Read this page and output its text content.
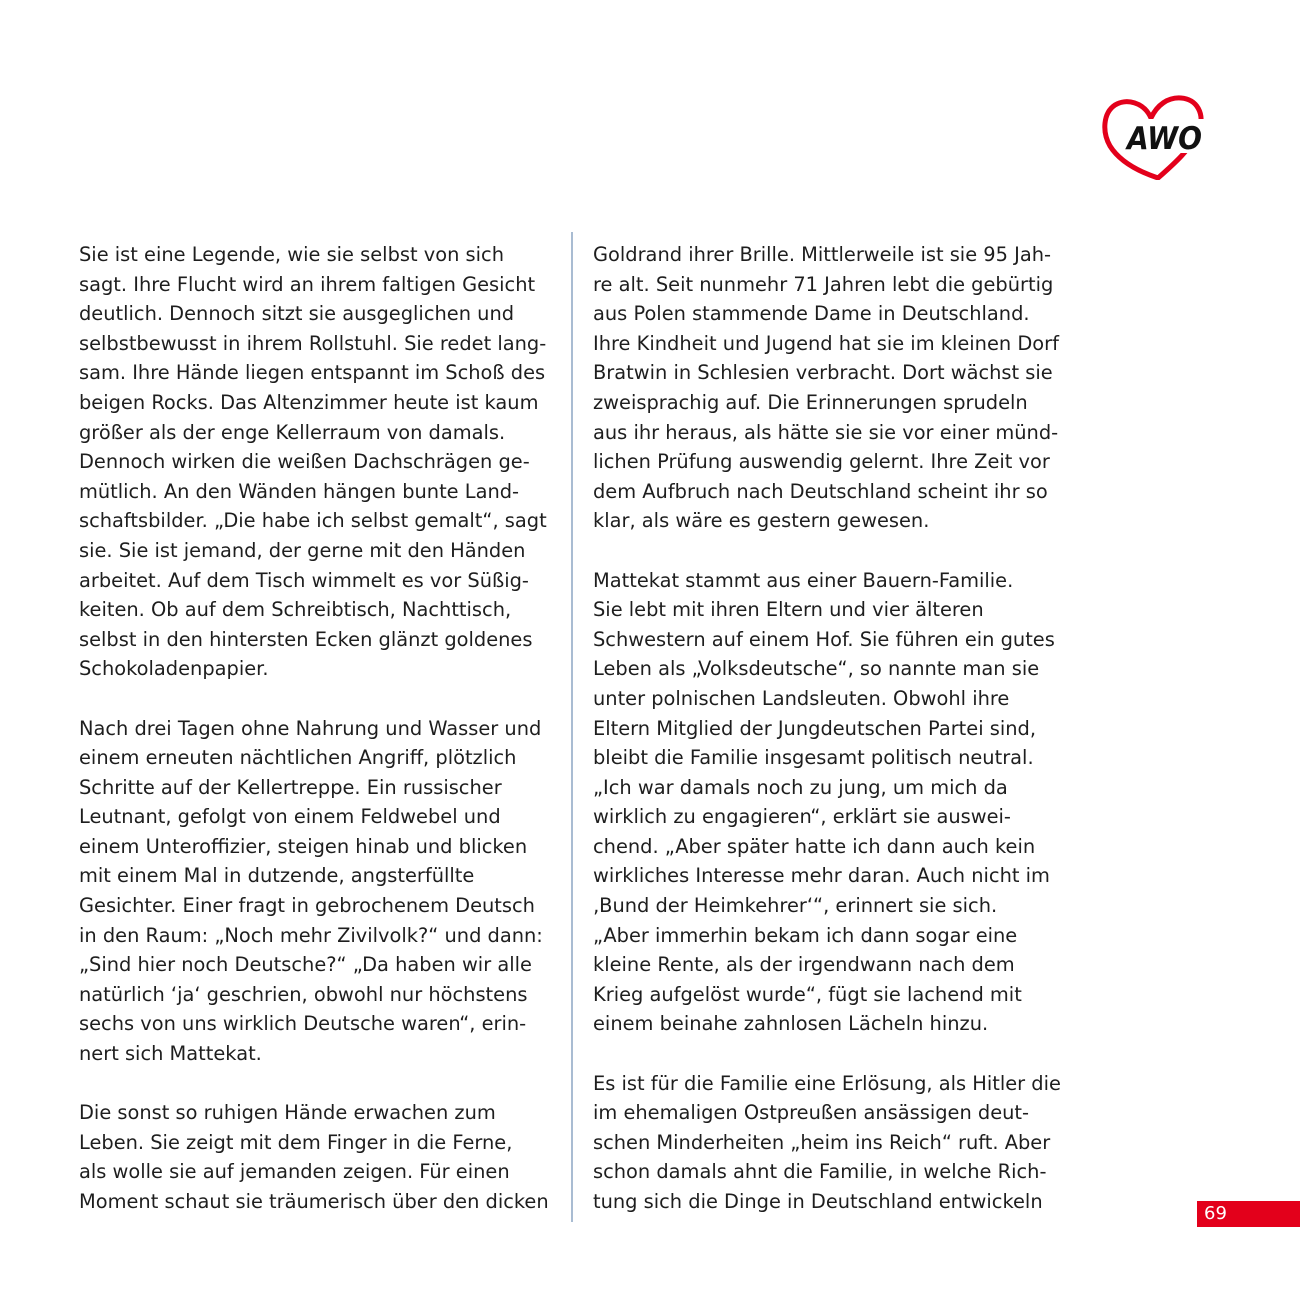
AWO
Sie ist eine Legende, wie sie selbst von sich
sagt. Ihre Flucht wird an ihrem faltigen Gesicht
deutlich. Dennoch sitzt sie ausgeglichen und
selbstbewusst in ihrem Rollstuhl. Sie redet lang-
sam. Ihre Hände liegen entspannt im Schoß des
beigen Rocks. Das Altenzimmer heute ist kaum
größer als der enge Kellerraum von damals.
Dennoch wirken die weißen Dachschrägen ge-
mütlich. An den Wänden hängen bunte Land-
schaftsbilder. „Die habe ich selbst gemalt“, sagt
sie. Sie ist jemand, der gerne mit den Händen
arbeitet. Auf dem Tisch wimmelt es vor Süßig-
keiten. Ob auf dem Schreibtisch, Nachttisch,
selbst in den hintersten Ecken glänzt goldenes
Schokoladenpapier.
Nach drei Tagen ohne Nahrung und Wasser und
einem erneuten nächtlichen Angriff, plötzlich
Schritte auf der Kellertreppe. Ein russischer
Leutnant, gefolgt von einem Feldwebel und
einem Unteroffizier, steigen hinab und blicken
mit einem Mal in dutzende, angsterfüllte
Gesichter. Einer fragt in gebrochenem Deutsch
in den Raum: „Noch mehr Zivilvolk?“ und dann:
„Sind hier noch Deutsche?“ „Da haben wir alle
natürlich ‘ja‘ geschrien, obwohl nur höchstens
sechs von uns wirklich Deutsche waren“, erin-
nert sich Mattekat.
Die sonst so ruhigen Hände erwachen zum
Leben. Sie zeigt mit dem Finger in die Ferne,
als wolle sie auf jemanden zeigen. Für einen
Moment schaut sie träumerisch über den dicken
Goldrand ihrer Brille. Mittlerweile ist sie 95 Jah-
re alt. Seit nunmehr 71 Jahren lebt die gebürtig
aus Polen stammende Dame in Deutschland.
Ihre Kindheit und Jugend hat sie im kleinen Dorf
Bratwin in Schlesien verbracht. Dort wächst sie
zweisprachig auf. Die Erinnerungen sprudeln
aus ihr heraus, als hätte sie sie vor einer münd-
lichen Prüfung auswendig gelernt. Ihre Zeit vor
dem Aufbruch nach Deutschland scheint ihr so
klar, als wäre es gestern gewesen.
Mattekat stammt aus einer Bauern-Familie.
Sie lebt mit ihren Eltern und vier älteren
Schwestern auf einem Hof. Sie führen ein gutes
Leben als „Volksdeutsche“, so nannte man sie
unter polnischen Landsleuten. Obwohl ihre
Eltern Mitglied der Jungdeutschen Partei sind,
bleibt die Familie insgesamt politisch neutral.
„Ich war damals noch zu jung, um mich da
wirklich zu engagieren“, erklärt sie auswei-
chend. „Aber später hatte ich dann auch kein
wirkliches Interesse mehr daran. Auch nicht im
‚Bund der Heimkehrer‘“, erinnert sie sich.
„Aber immerhin bekam ich dann sogar eine
kleine Rente, als der irgendwann nach dem
Krieg aufgelöst wurde“, fügt sie lachend mit
einem beinahe zahnlosen Lächeln hinzu.
Es ist für die Familie eine Erlösung, als Hitler die
im ehemaligen Ostpreußen ansässigen deut-
schen Minderheiten „heim ins Reich“ ruft. Aber
schon damals ahnt die Familie, in welche Rich-
tung sich die Dinge in Deutschland entwickeln
69
